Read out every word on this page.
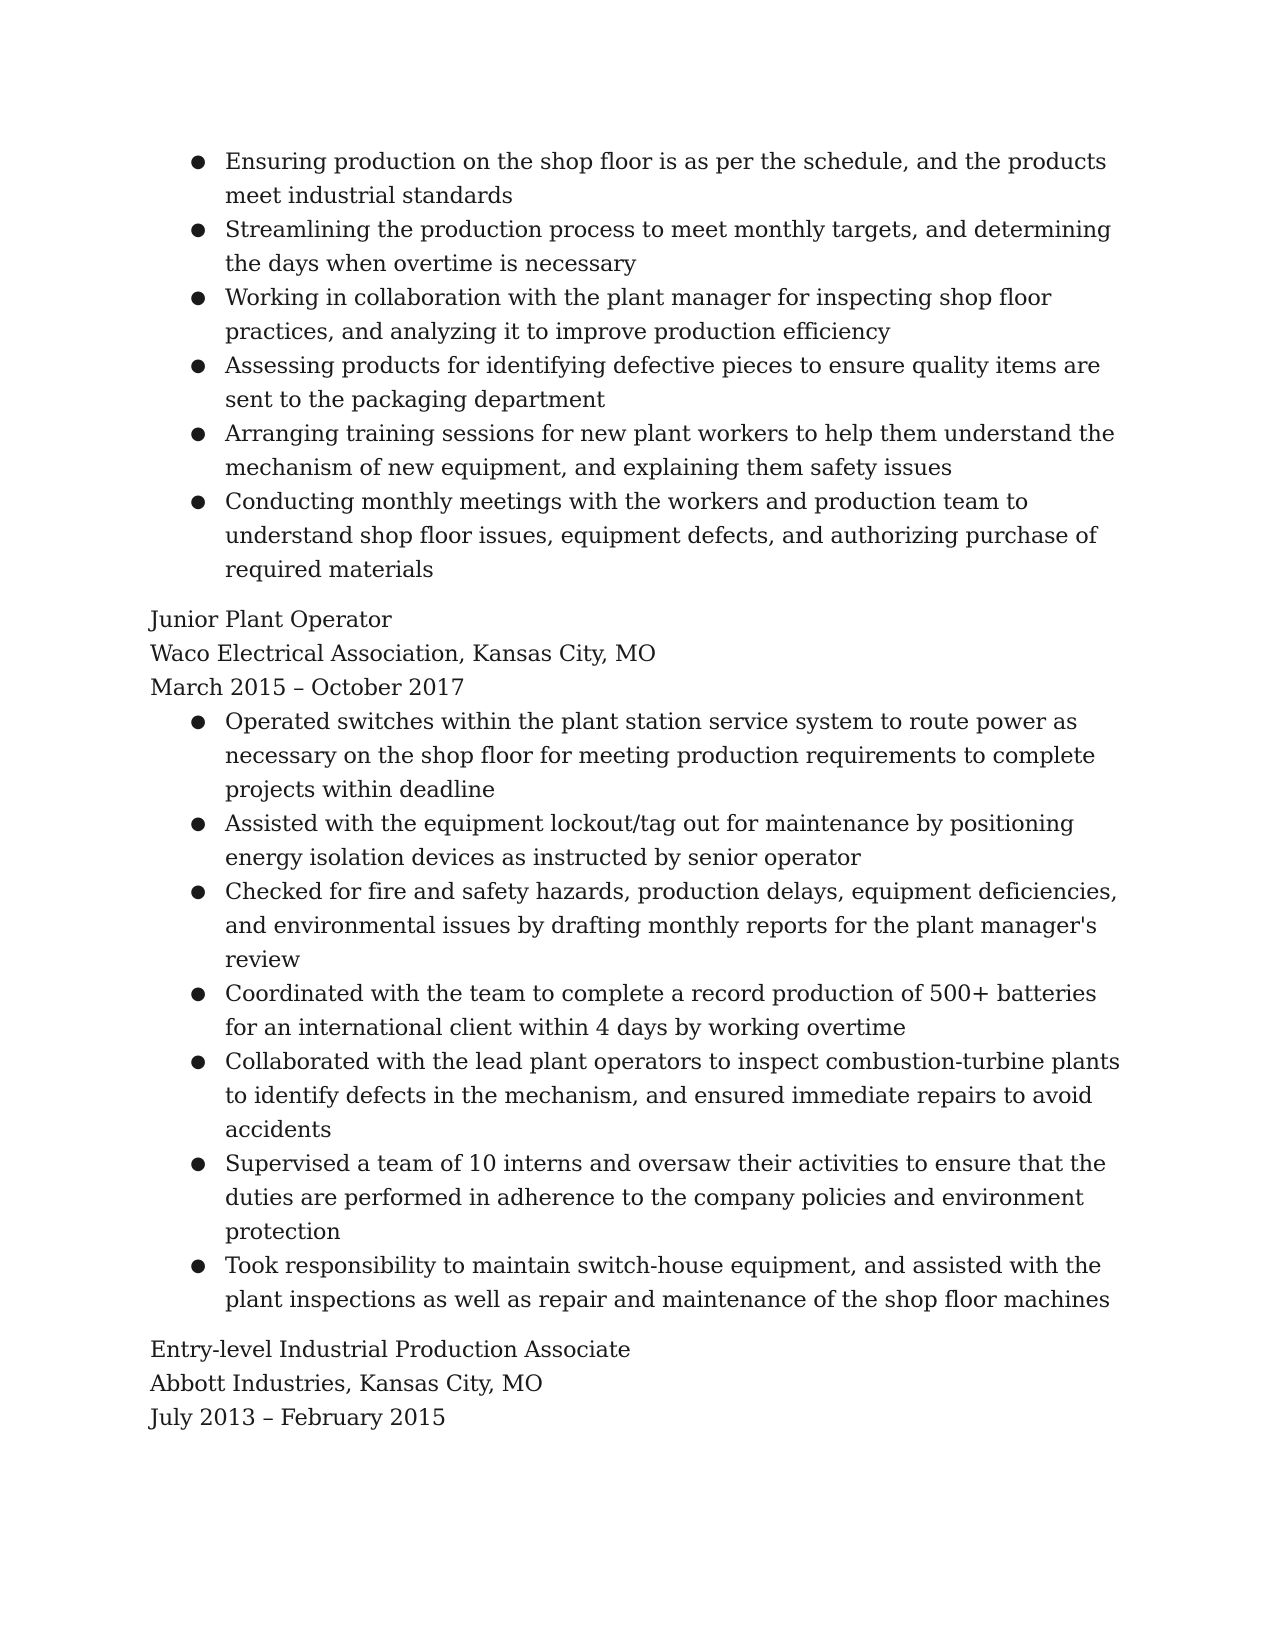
● Ensuring production on the shop floor is as per the schedule, and the products meet industrial standards
● Streamlining the production process to meet monthly targets, and determining the days when overtime is necessary
● Working in collaboration with the plant manager for inspecting shop floor practices, and analyzing it to improve production efficiency
● Assessing products for identifying defective pieces to ensure quality items are sent to the packaging department
● Arranging training sessions for new plant workers to help them understand the mechanism of new equipment, and explaining them safety issues
● Conducting monthly meetings with the workers and production team to understand shop floor issues, equipment defects, and authorizing purchase of required materials
Junior Plant Operator
Waco Electrical Association, Kansas City, MO
March 2015 – October 2017
● Operated switches within the plant station service system to route power as necessary on the shop floor for meeting production requirements to complete projects within deadline
● Assisted with the equipment lockout/tag out for maintenance by positioning energy isolation devices as instructed by senior operator
● Checked for fire and safety hazards, production delays, equipment deficiencies, and environmental issues by drafting monthly reports for the plant manager's review
● Coordinated with the team to complete a record production of 500+ batteries for an international client within 4 days by working overtime
● Collaborated with the lead plant operators to inspect combustion-turbine plants to identify defects in the mechanism, and ensured immediate repairs to avoid accidents
● Supervised a team of 10 interns and oversaw their activities to ensure that the duties are performed in adherence to the company policies and environment protection
● Took responsibility to maintain switch-house equipment, and assisted with the plant inspections as well as repair and maintenance of the shop floor machines
Entry-level Industrial Production Associate
Abbott Industries, Kansas City, MO
July 2013 – February 2015
